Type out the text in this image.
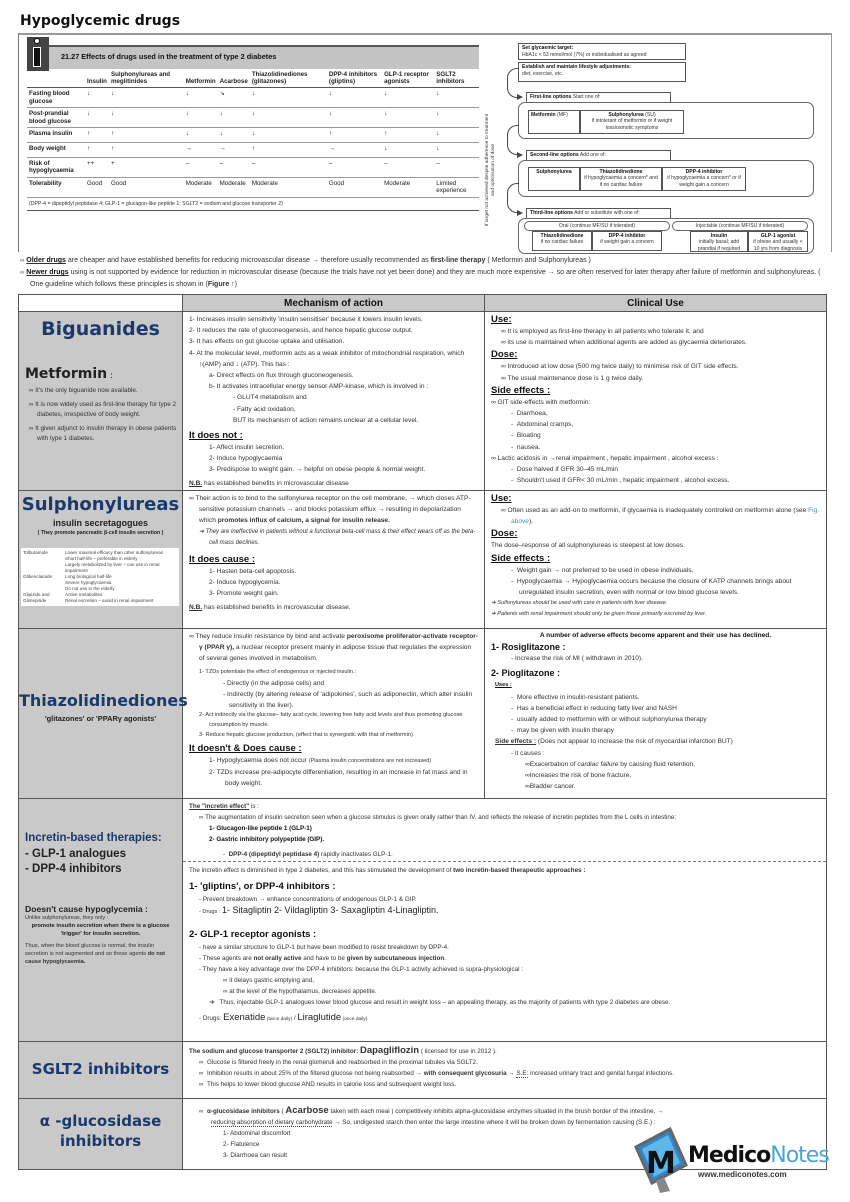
Hypoglycemic drugs
21.27 Effects of drugs used in the treatment of type 2 diabetes
	Insulin	Sulphonylureas and meglitinides	Metformin	Acarbose	Thiazolidinediones (glitazones)	DPP-4 inhibitors (gliptins)	GLP-1 receptor agonists	SGLT2 inhibitors
Fasting blood glucose	↓	↓	↓	↘	↓	↓	↓	↓
Post-prandial blood glucose	↓	↓	↓	↓	↓	↓	↓	↓
Plasma insulin	↑	↑	↓	↓	↓	↑	↑	↓
Body weight	↑	↑	→	→	↑	→	↓	↓
Risk of hypoglycaemia	++	+	–	–	–	–	–	–
Tolerability	Good	Good	Moderate	Moderate	Moderate	Good	Moderate	Limited experience
(DPP-4 = dipeptidyl peptidase 4; GLP-1 = glucagon-like peptide 1; SGLT2 = sodium and glucose transporter 2)	If target not achieved despite adherence to treatment and optimisation of dose
Set glycaemic target:
HbA1c < 53 mmol/mol (7%) or individualised as agreed
Establish and maintain lifestyle adjustments:
diet, exercise, etc.
First-line options Start one of:
Metformin (MF)	Sulphonylurea (SU)
if intolerant of metformin or if weight loss/osmotic symptoms
Second-line options Add one of:
Sulphonylurea	Thiazolidinedione
if hypoglycaemia a concern* and if no cardiac failure
DPP-4 inhibitor
if hypoglycaemia a concern* or if weight gain a concern
Third-line options Add or substitute with one of:
Oral (continue MF/SU if tolerated)	Injectable (continue MF/SU if tolerated)
Thiazolidinedione
if no cardiac failure
DPP-4 inhibitor
if weight gain a concern
Insulin
initially basal; add prandial if required
GLP-1 agonist
if obese and usually < 10 yrs from diagnosis
∞ Older drugs are cheaper and have established benefits for reducing microvascular disease → therefore usually recommended as first-line therapy ( Metformin and Sulphonylureas )
∞ Newer drugs using is not supported by evidence for reduction in microvascular disease (because the trials have not yet been done) and they are much more expensive → so are often reserved for later therapy after failure of metformin and sulphonylureas. ( One guideline which follows these principles is shown in (Figure ↑)
Mechanism of action	Clinical Use
Biguanides
Metformin :
∞ It's the only biguanide now available.
∞ It is now widely used as first-line therapy for type 2 diabetes, irrespective of body weight.
∞ It given adjunct to insulin therapy in obese patients with type 1 diabetes.
1- Increases insulin sensitivity 'insulin sensitiser' because it lowers insulin levels.
2- It reduces the rate of gluconeogenesis, and hence hepatic glucose output.
3- It has effects on gut glucose uptake and utilisation.
4- At the molecular level, metformin acts as a weak inhibitor of mitochondrial respiration, which ↑(AMP) and ↓ (ATP). This has :
a- Direct effects on flux through gluconeogenesis.
b- It activates intracellular energy sensor AMP-kinase, which is involved in :
- GLUT4 metabolism and
- Fatty acid oxidation,
BUT its mechanism of action remains unclear at a cellular level.
It does not :
1- Affect insulin secretion,
2- Induce hypoglycaemia
3- Predispose to weight gain. → helpful on obese people & normal weight.
N.B. has established benefits in microvascular disease
Use:
∞ It is employed as first-line therapy in all patients who tolerate it, and
∞ its use is maintained when additional agents are added as glycaemia deteriorates.
Dose:
∞ Introduced at low dose (500 mg twice daily) to minimise risk of GIT side effects.
∞ The usual maintenance dose is 1 g twice daily.
Side effects :
∞ GIT side-effects with metformin:
-  Diarrhoea,
-  Abdominal cramps,
-  Bloating
-  nausea.
∞ Lactic acidosis in →renal impairment , hepatic impairment , alcohol excess :
-  Dose halved if GFR 30–45 mL/min
-  Shouldn't used if GFR< 30 mL/min , hepatic impairment , alcohol excess.
Sulphonylureas
insulin secretagogues
( They promote pancreatic β-cell insulin secretion )
Tolbutamide	Lower maximal efficacy than other sulfonylureas
Short half-life – preferable in elderly
Largely metabolized by liver – can use in renal impairment
Glibenclamide	Long biological half-life
Severe hypoglycaemia
Do not use in the elderly
Glipizide and	Active metabolites
Glimepiride	Renal excretion – avoid in renal impairment
∞ Their action is to bind to the sulfonylurea receptor on the cell membrane, → which closes ATP-sensitive potassium channels → and blocks potassium efflux → resulting in depolarization which promotes influx of calcium, a signal for insulin release.
➔ They are ineffective in patients without a functional beta-cell mass & their effect wears off as the beta-cell mass declines.
It does cause :
1- Hasten beta-cell apoptosis.
2- Induce hypoglycemia.
3- Promote weight gain.
N.B. has established benefits in microvascular disease.
Use:
∞ Often used as an add-on to metformin, if glycaemia is inadequately controlled on metformin alone (see Fig. above).
Dose:
The dose–response of all sulphonylureas is steepest at low doses.
Side effects :
-  Weight gain → not preferred to be used in obese individuals.
-  Hypoglycaemia → Hypoglycaemia occurs because the closure of KATP channels brings about unregulated insulin secretion, even with normal or low blood glucose levels.
➔ Sulfonylureas should be used with care in patients with liver disease.
➔ Patients with renal impairment should only be given those primarily excreted by liver.
Thiazolidinediones
'glitazones' or 'PPARγ agonists'
∞ They reduce insulin resistance by bind and activate peroxisome proliferator-activate receptor-γ (PPAR γ), a nuclear receptor present mainly in adipose tissue that regulates the expression of several genes involved in metabolism.
1- TZDs potentiate the effect of endogenous or injected insulin.:
- Directly (in the adipose cells) and
- Indirectly (by altering release of 'adipokines', such as adiponectin, which alter insulin sensitivity in the liver).
2- Act indirectly via the glucose– fatty acid cycle, lowering free fatty acid levels and thus promoting glucose consumption by muscle.
3- Reduce hepatic glucose production, (effect that is synergistic with that of metformin)
It doesn't & Does cause :
1- Hypoglycaemia does not occur (Plasma insulin concentrations are not increased)
2- TZDs increase pre-adipocyte differentiation, resulting in an increase in fat mass and in body weight.
A number of adverse effects become apparent and their use has declined.
1- Rosiglitazone :
- Increase the risk of MI ( withdrawn in 2010).
2- Pioglitazone :
Uses :
-  More effective in insulin-resistant patients.
-  Has a beneficial effect in reducing fatty liver and NASH
-  usually added to metformin with or without sulphonylurea therapy
-  may be given with insulin therapy
Side effects : (Does not appear to increase the risk of myocardial infarction BUT)
- it causes :
∞Exacerbation of cardiac failure by causing fluid retention,
∞Increases the risk of bone fracture,
∞Bladder cancer.
Incretin-based therapies:
- GLP-1 analogues
- DPP-4 inhibitors
Doesn't cause hypoglycemia :
Unlike sulphonylureas, they only :
promote insulin secretion when there is a glucose 'trigger' for insulin secretion.
Thus, when the blood glucose is normal, the insulin secretion is not augmented and so these agents do not cause hypoglycaemia.
The "incretin effect" is :
∞ The augmentation of insulin secretion seen when a glucose stimulus is given orally rather than IV, and reflects the release of incretin peptides from the L cells in intestine:
1- Glucagon-like peptide 1 (GLP-1)
2- Gastric inhibitory polypeptide (GIP).
-  DPP-4 (dipeptidyl peptidase 4) rapidly inactivates GLP-1.
The incretin effect is diminished in type 2 diabetes, and this has stimulated the development of two incretin-based therapeutic approaches :
1- 'gliptins', or DPP-4 inhibitors :
- Prevent breakdown → enhance concentrations of endogenous GLP-1 & GIP.
- Drugs : 1- Sitagliptin 2- Vildagliptin 3- Saxagliptin 4-Linagliptin.
2- GLP-1 receptor agonists :
- have a similar structure to GLP-1 but have been modified to resist breakdown by DPP-4.
- These agents are not orally active and have to be given by subcutaneous injection.
- They have a key advantage over the DPP-4 inhibitors: because the GLP-1 activity achieved is supra-physiological :
∞ it delays gastric emptying and,
∞ at the level of the hypothalamus, decreases appetite.
➔   Thus, injectable GLP-1 analogues lower blood glucose and result in weight loss – an appealing therapy, as the majority of patients with type 2 diabetes are obese.
- Drugs: Exenatide (twice daily) / Liraglutide (once daily).
SGLT2 inhibitors
The sodium and glucose transporter 2 (SGLT2) inhibitor: Dapagliflozin ( licensed for use in 2012 ).
∞  Glucose is filtered freely in the renal glomeruli and reabsorbed in the proximal tubules via SGLT2.
∞  Inhibition results in about 25% of the filtered glucose not being reabsorbed → with consequent glycosuria → S.E: increased urinary tract and genital fungal infections.
∞  This helps to lower blood glucose AND results in calorie loss and subsequent weight loss.
α -glucosidase
inhibitors
∞  α-glucosidase inhibitors ( Acarbose taken with each meal ) competitively inhibits alpha-glucosidase enzymes situated in the brush border of the intestine, →
reducing absorption of dietary carbohydrate → So, undigested starch then enter the large intestine where it will be broken down by fermentation causing (S.E.) :
1- Abdominal discomfort
2- Flatulence
3- Diarrhoea can result	M MedicoNotes
www.mediconotes.com
